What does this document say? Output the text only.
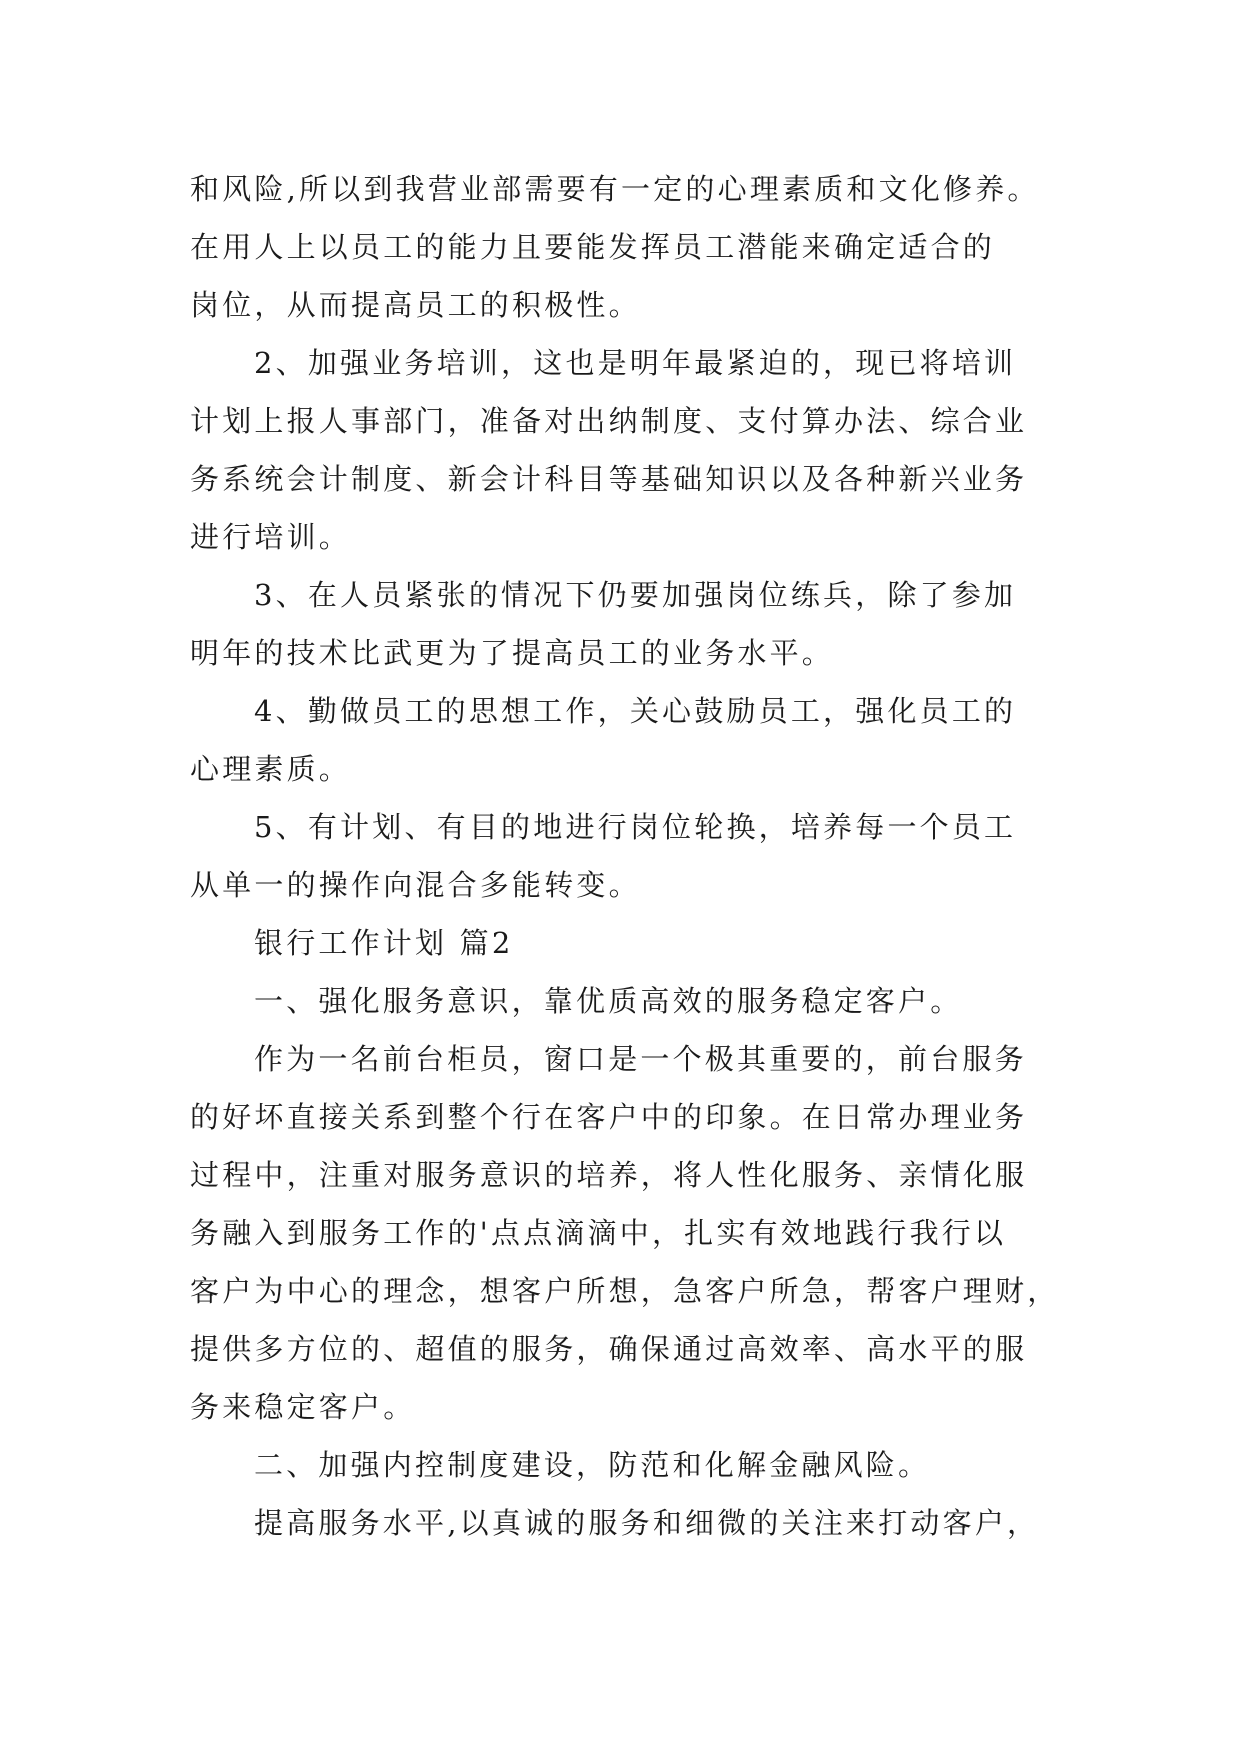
和风险,所以到我营业部需要有一定的心理素质和文化修养。
在用人上以员工的能力且要能发挥员工潜能来确定适合的
岗位，从而提高员工的积极性。
2、加强业务培训，这也是明年最紧迫的，现已将培训
计划上报人事部门，准备对出纳制度、支付算办法、综合业
务系统会计制度、新会计科目等基础知识以及各种新兴业务
进行培训。
3、在人员紧张的情况下仍要加强岗位练兵，除了参加
明年的技术比武更为了提高员工的业务水平。
4、勤做员工的思想工作，关心鼓励员工，强化员工的
心理素质。
5、有计划、有目的地进行岗位轮换，培养每一个员工
从单一的操作向混合多能转变。
银行工作计划 篇2
一、强化服务意识，靠优质高效的服务稳定客户。
作为一名前台柜员，窗口是一个极其重要的，前台服务
的好坏直接关系到整个行在客户中的印象。在日常办理业务
过程中，注重对服务意识的培养，将人性化服务、亲情化服
务融入到服务工作的'点点滴滴中，扎实有效地践行我行以
客户为中心的理念，想客户所想，急客户所急，帮客户理财，
提供多方位的、超值的服务，确保通过高效率、高水平的服
务来稳定客户。
二、加强内控制度建设，防范和化解金融风险。
提高服务水平,以真诚的服务和细微的关注来打动客户，
